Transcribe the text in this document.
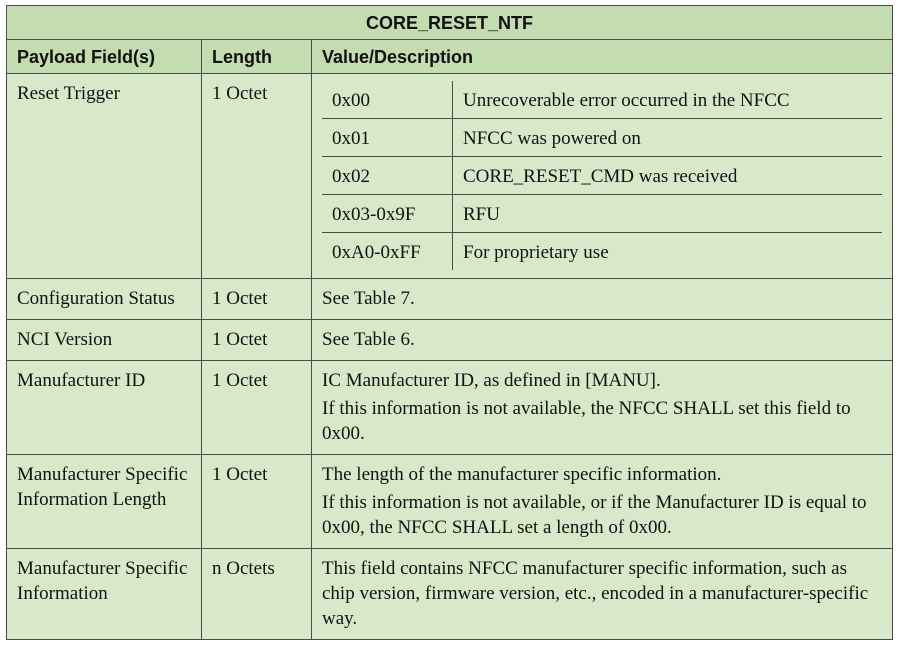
CORE_RESET_NTF
Payload Field(s)	Length	Value/Description
Reset Trigger	1 Octet		0x00	Unrecoverable error occurred in the NFCC
0x01	NFCC was powered on
0x02	CORE_RESET_CMD was received
0x03-0x9F	RFU
0xA0-0xFF	For proprietary use

Configuration Status	1 Octet	See Table 7.
NCI Version	1 Octet	See Table 6.
Manufacturer ID	1 Octet	IC Manufacturer ID, as defined in [MANU].
If this information is not available, the NFCC SHALL set this field to 0x00.

Manufacturer Specific Information Length	1 Octet	The length of the manufacturer specific information.
If this information is not available, or if the Manufacturer ID is equal to 0x00, the NFCC SHALL set a length of 0x00.

Manufacturer Specific Information	n Octets	This field contains NFCC manufacturer specific information, such as chip version, firmware version, etc., encoded in a manufacturer-specific way.
